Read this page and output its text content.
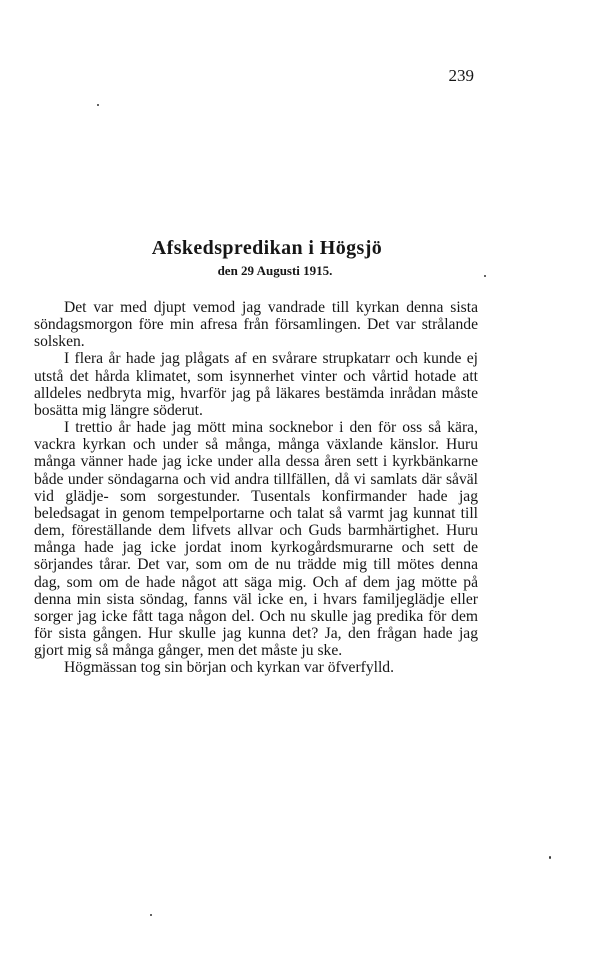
239
Afskedspredikan i Högsjö
den 29 Augusti 1915.

Det var med djupt vemod jag vandrade till kyrkan denna sista söndagsmorgon före min afresa från församlingen. Det var strålande solsken.

I flera år hade jag plågats af en svårare strupkatarr och kunde ej utstå det hårda klimatet, som isynnerhet vinter och vårtid hotade att alldeles nedbryta mig, hvarför jag på läkares bestämda inrådan måste bosätta mig längre söderut.

I trettio år hade jag mött mina socknebor i den för oss så kära, vackra kyrkan och under så många, många växlande känslor. Huru många vänner hade jag icke under alla dessa åren sett i kyrkbänkarne både under söndagarna och vid andra tillfällen, då vi samlats där såväl vid glädje- som sorgestunder. Tusentals konfirmander hade jag beledsagat in genom tempelportarne och talat så varmt jag kunnat till dem, föreställande dem lifvets allvar och Guds barmhärtighet. Huru många hade jag icke jordat inom kyrkogårdsmurarne och sett de sörjandes tårar. Det var, som om de nu trädde mig till mötes denna dag, som om de hade något att säga mig. Och af dem jag mötte på denna min sista söndag, fanns väl icke en, i hvars familjeglädje eller sorger jag icke fått taga någon del. Och nu skulle jag predika för dem för sista gången. Hur skulle jag kunna det? Ja, den frågan hade jag gjort mig så många gånger, men det måste ju ske.

Högmässan tog sin början och kyrkan var öfverfylld.
